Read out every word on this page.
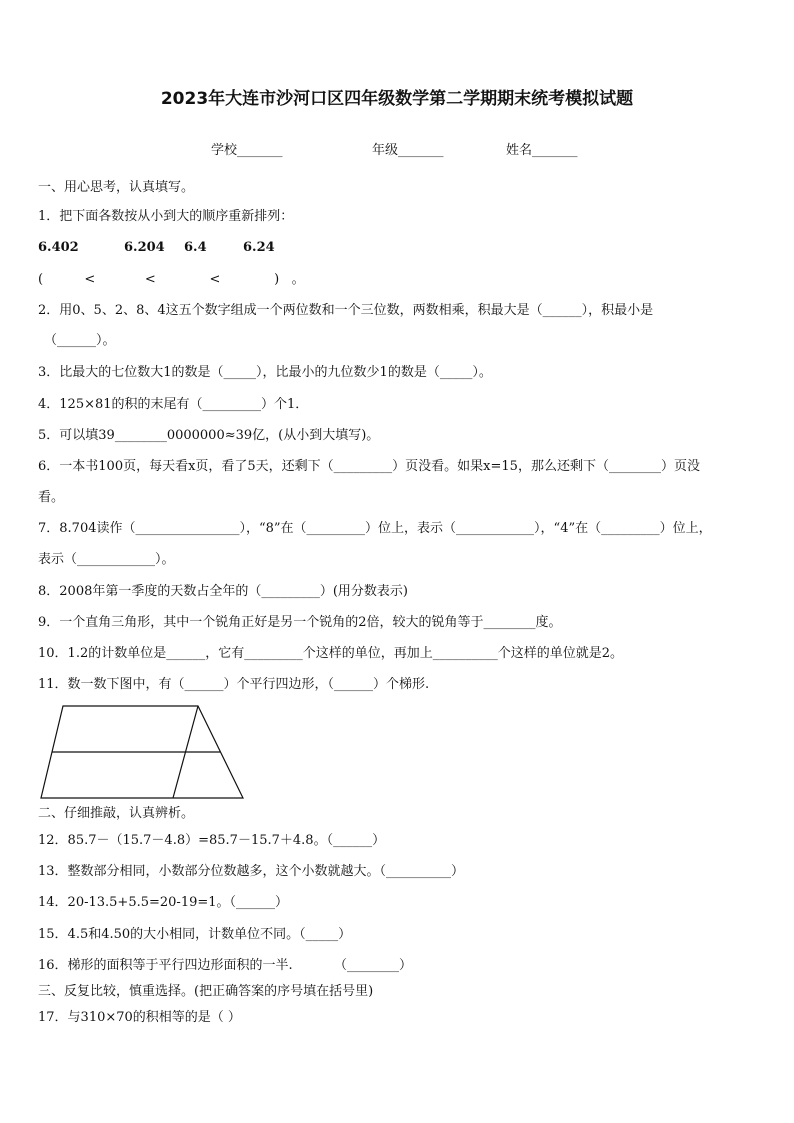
2023年大连市沙河口区四年级数学第二学期期末统考模拟试题
学校_______	年级_______	姓名_______
一、用心思考，认真填写。
1．把下面各数按从小到大的顺序重新排列：
6.402	6.204 6.4	6.24
(          <            <             <             )   。
2．用0、5、2、8、4这五个数字组成一个两位数和一个三位数，两数相乘，积最大是（______），积最小是
（______）。
3．比最大的七位数大1的数是（_____），比最小的九位数少1的数是（_____）。
4．125×81的积的末尾有（_________）个1．
5．可以填39________0000000≈39亿，(从小到大填写)。
6．一本书100页，每天看x页，看了5天，还剩下（_________）页没看。如果x=15，那么还剩下（________）页没
看。
7．8.704读作（________________），“8”在（_________）位上，表示（____________），“4”在（_________）位上，
表示（____________）。
8．2008年第一季度的天数占全年的（_________）(用分数表示)
9．一个直角三角形，其中一个锐角正好是另一个锐角的2倍，较大的锐角等于________度。
10．1.2的计数单位是______，它有_________个这样的单位，再加上__________个这样的单位就是2。
11．数一数下图中，有（______）个平行四边形，（______）个梯形.
二、仔细推敲，认真辨析。
12．85.7－（15.7－4.8）=85.7－15.7＋4.8。（______）
13．整数部分相同，小数部分位数越多，这个小数就越大。（__________）
14．20-13.5+5.5=20-19=1。（______）
15．4.5和4.50的大小相同，计数单位不同。（_____）
16．梯形的面积等于平行四边形面积的一半.          （________）
三、反复比较，慎重选择。(把正确答案的序号填在括号里)
17．与310×70的积相等的是（ ）
